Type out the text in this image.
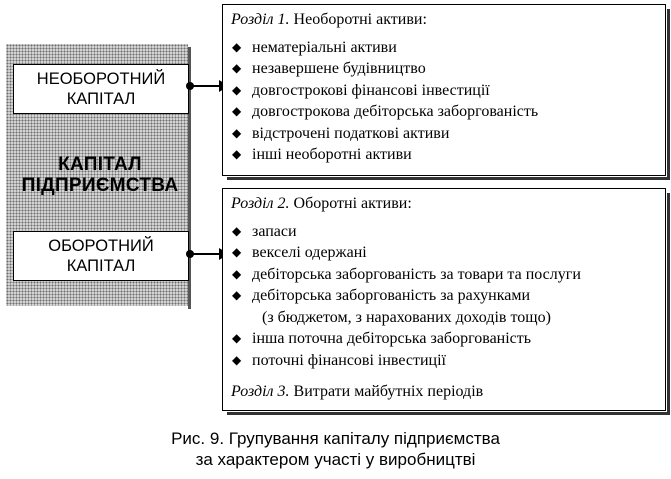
КАПІТАЛ
ПІДПРИЄМСТВА
НЕОБОРОТНИЙ
КАПІТАЛ
ОБОРОТНИЙ
КАПІТАЛ
Розділ 1. Необоротні активи:
◆ нематеріальні активи
◆ незавершене будівництво
◆ довгострокові фінансові інвестиції
◆ довгострокова дебіторська заборгованість
◆ відстрочені податкові активи
◆ інші необоротні активи
Розділ 2. Оборотні активи:
◆ запаси
◆ векселі одержані
◆ дебіторська заборгованість за товари та послуги
◆ дебіторська заборгованість за рахунками
(з бюджетом, з нарахованих доходів тощо)
◆ інша поточна дебіторська заборгованість
◆ поточні фінансові інвестиції
Розділ 3. Витрати майбутніх періодів
Рис. 9. Групування капіталу підприємства
за характером участі у виробництві
